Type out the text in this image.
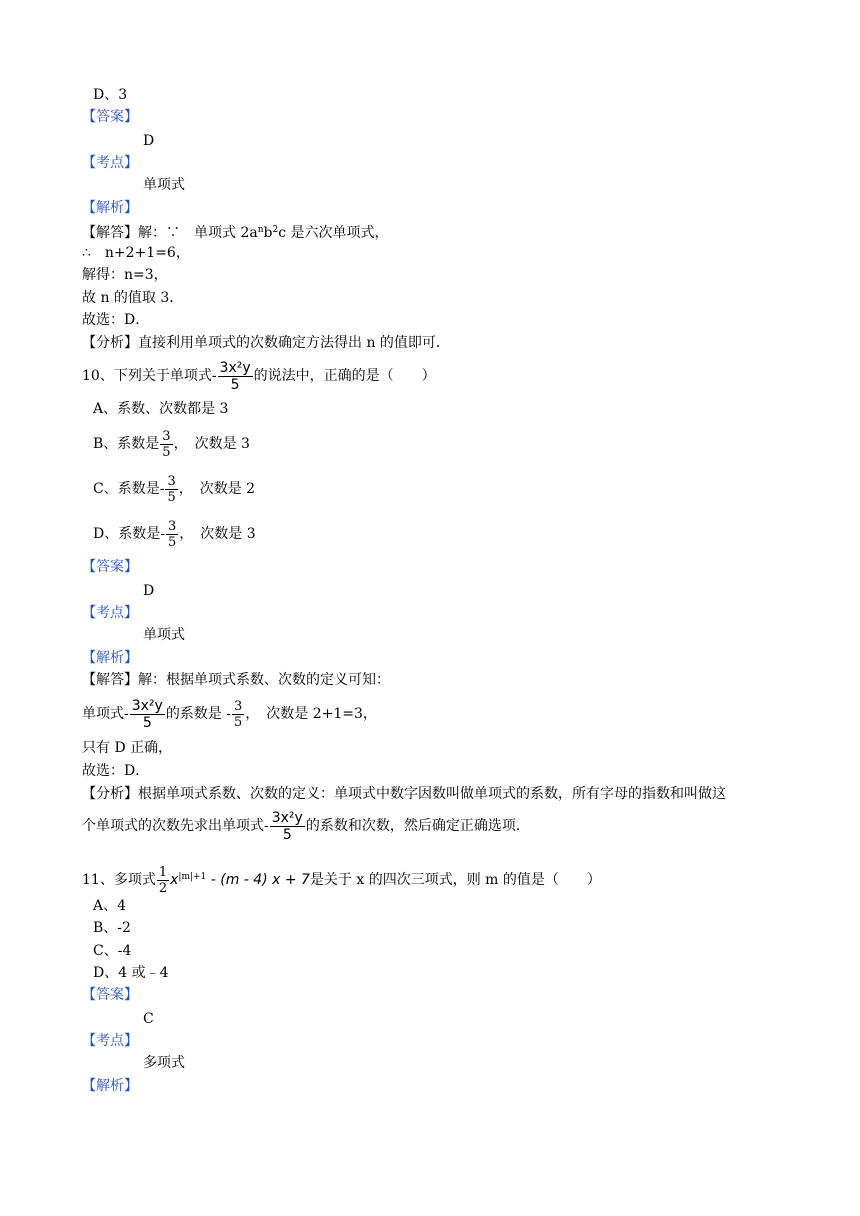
D、3
【答案】
D
【考点】
单项式
【解析】
【解答】解：∵　单项式 $2a^nb^2c$ 是六次单项式，
∴　n+2+1=6，
解得：n=3，
故 n 的值取 3．
故选：D．
【分析】直接利用单项式的次数确定方法得出 n 的值即可．
10、下列关于单项式- $\frac{\text{3x²y}}{5}$ 的说法中，正确的是（　　）
A、系数、次数都是 3
B、系数是 $\frac{3}{5}$ ，　次数是 3
C、系数是- $\frac{3}{5}$ ，　次数是 2
D、系数是- $\frac{3}{5}$ ，　次数是 3
【答案】
D
【考点】
单项式
【解析】
【解答】解：根据单项式系数、次数的定义可知：
单项式- $\frac{\text{3x²y}}{5}$ 的系数是 - $\frac{3}{5}$ ，　次数是 2+1=3，
只有 D 正确，
故选：D．
【分析】根据单项式系数、次数的定义：单项式中数字因数叫做单项式的系数，所有字母的指数和叫做这
个单项式的次数先求出单项式- $\frac{\text{3x²y}}{5}$ 的系数和次数，然后确定正确选项．
11、多项式 $\frac{1}{2} x^{|m|+1} - (m - 4) x + 7$是关于 x 的四次三项式，则 m 的值是（　　）
A、4
B、-2
C、-4
D、4 或﹣4
【答案】
C
【考点】
多项式
【解析】
